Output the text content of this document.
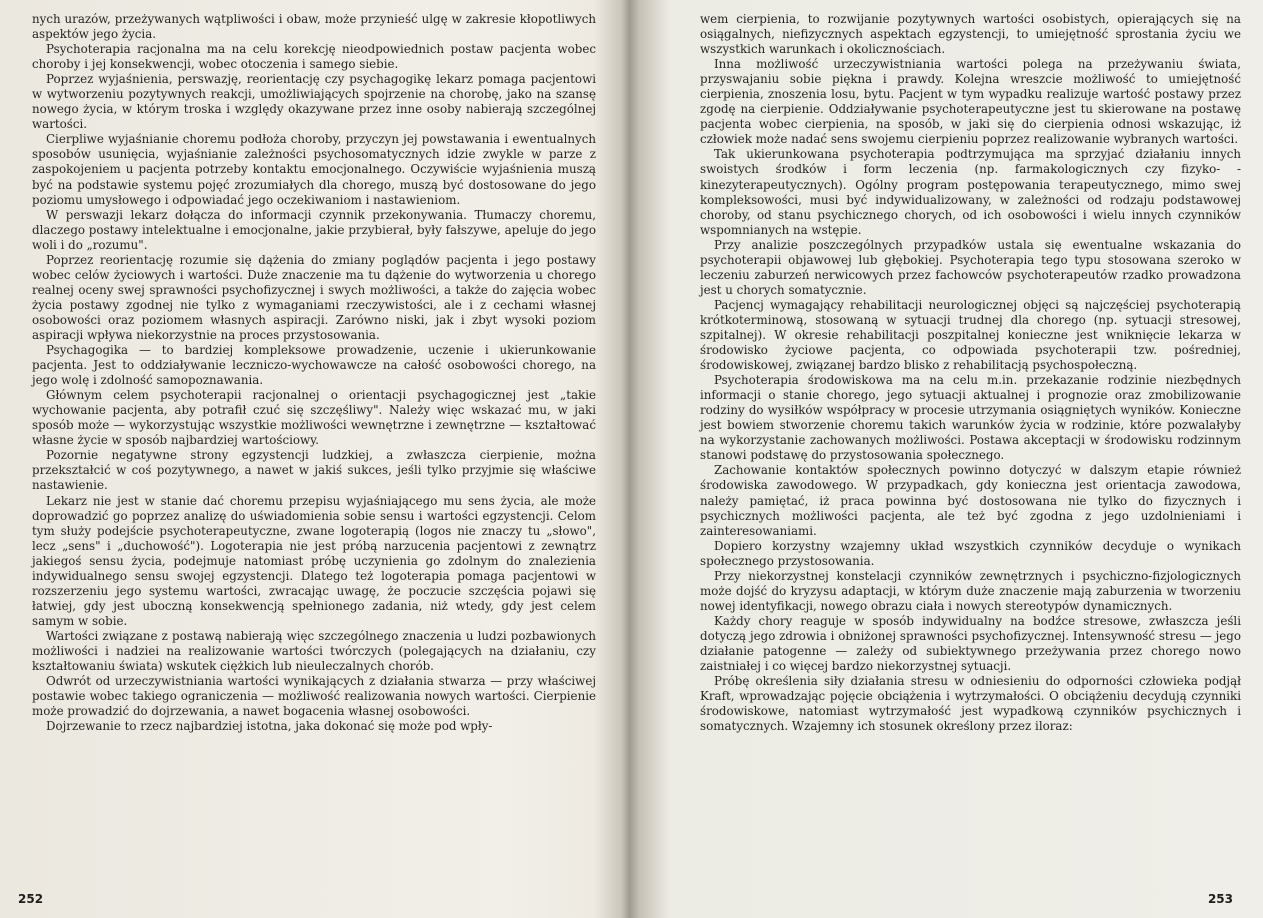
nych urazów, przeżywanych wątpliwości i obaw, może przynieść ulgę w zakresie kłopotliwych aspektów jego życia.

Psychoterapia racjonalna ma na celu korekcję nieodpowiednich postaw pacjenta wobec choroby i jej konsekwencji, wobec otoczenia i samego siebie.

Poprzez wyjaśnienia, perswazję, reorientację czy psychagogikę lekarz pomaga pacjentowi w wytworzeniu pozytywnych reakcji, umożliwiających spojrzenie na chorobę, jako na szansę nowego życia, w którym troska i względy okazywane przez inne osoby nabierają szczególnej wartości.

Cierpliwe wyjaśnianie choremu podłoża choroby, przyczyn jej powstawania i ewentualnych sposobów usunięcia, wyjaśnianie zależności psychosomatycznych idzie zwykle w parze z zaspokojeniem u pacjenta potrzeby kontaktu emocjonalnego. Oczywiście wyjaśnienia muszą być na podstawie systemu pojęć zrozumiałych dla chorego, muszą być dostosowane do jego poziomu umysłowego i odpowiadać jego oczekiwaniom i nastawieniom.

W perswazji lekarz dołącza do informacji czynnik przekonywania. Tłumaczy choremu, dlaczego postawy intelektualne i emocjonalne, jakie przybierał, były fałszywe, apeluje do jego woli i do „rozumu".

Poprzez reorientację rozumie się dążenia do zmiany poglądów pacjenta i jego postawy wobec celów życiowych i wartości. Duże znaczenie ma tu dążenie do wytworzenia u chorego realnej oceny swej sprawności psychofizycznej i swych możliwości, a także do zajęcia wobec życia postawy zgodnej nie tylko z wymaganiami rzeczywistości, ale i z cechami własnej osobowości oraz poziomem własnych aspiracji. Zarówno niski, jak i zbyt wysoki poziom aspiracji wpływa niekorzystnie na proces przystosowania.

Psychagogika — to bardziej kompleksowe prowadzenie, uczenie i ukierunkowanie pacjenta. Jest to oddziaływanie leczniczo-wychowawcze na całość osobowości chorego, na jego wolę i zdolność samopoznawania.

Głównym celem psychoterapii racjonalnej o orientacji psychagogicznej jest „takie wychowanie pacjenta, aby potrafił czuć się szczęśliwy". Należy więc wskazać mu, w jaki sposób może — wykorzystując wszystkie możliwości wewnętrzne i zewnętrzne — kształtować własne życie w sposób najbardziej wartościowy.

Pozornie negatywne strony egzystencji ludzkiej, a zwłaszcza cierpienie, można przekształcić w coś pozytywnego, a nawet w jakiś sukces, jeśli tylko przyjmie się właściwe nastawienie.

Lekarz nie jest w stanie dać choremu przepisu wyjaśniającego mu sens życia, ale może doprowadzić go poprzez analizę do uświadomienia sobie sensu i wartości egzystencji. Celom tym służy podejście psychoterapeutyczne, zwane logoterapią (logos nie znaczy tu „słowo", lecz „sens" i „duchowość"). Logoterapia nie jest próbą narzucenia pacjentowi z zewnątrz jakiegoś sensu życia, podejmuje natomiast próbę uczynienia go zdolnym do znalezienia indywidualnego sensu swojej egzystencji. Dlatego też logoterapia pomaga pacjentowi w rozszerzeniu jego systemu wartości, zwracając uwagę, że poczucie szczęścia pojawi się łatwiej, gdy jest uboczną konsekwencją spełnionego zadania, niż wtedy, gdy jest celem samym w sobie.

Wartości związane z postawą nabierają więc szczególnego znaczenia u ludzi pozbawionych możliwości i nadziei na realizowanie wartości twórczych (polegających na działaniu, czy kształtowaniu świata) wskutek ciężkich lub nieuleczalnych chorób.

Odwrót od urzeczywistniania wartości wynikających z działania stwarza — przy właściwej postawie wobec takiego ograniczenia — możliwość realizowania nowych wartości. Cierpienie może prowadzić do dojrzewania, a nawet bogacenia własnej osobowości.

Dojrzewanie to rzecz najbardziej istotna, jaka dokonać się może pod wpły-

252

wem cierpienia, to rozwijanie pozytywnych wartości osobistych, opierających się na osiągalnych, niefizycznych aspektach egzystencji, to umiejętność sprostania życiu we wszystkich warunkach i okolicznościach.

Inna możliwość urzeczywistniania wartości polega na przeżywaniu świata, przyswajaniu sobie piękna i prawdy. Kolejna wreszcie możliwość to umiejętność cierpienia, znoszenia losu, bytu. Pacjent w tym wypadku realizuje wartość postawy przez zgodę na cierpienie. Oddziaływanie psychoterapeutyczne jest tu skierowane na postawę pacjenta wobec cierpienia, na sposób, w jaki się do cierpienia odnosi wskazując, iż człowiek może nadać sens swojemu cierpieniu poprzez realizowanie wybranych wartości.

Tak ukierunkowana psychoterapia podtrzymująca ma sprzyjać działaniu innych swoistych środków i form leczenia (np. farmakologicznych czy fizyko- -kinezyterapeutycznych). Ogólny program postępowania terapeutycznego, mimo swej kompleksowości, musi być indywidualizowany, w zależności od rodzaju podstawowej choroby, od stanu psychicznego chorych, od ich osobowości i wielu innych czynników wspomnianych na wstępie.

Przy analizie poszczególnych przypadków ustala się ewentualne wskazania do psychoterapii objawowej lub głębokiej. Psychoterapia tego typu stosowana szeroko w leczeniu zaburzeń nerwicowych przez fachowców psychoterapeutów rzadko prowadzona jest u chorych somatycznie.

Pacjencj wymagający rehabilitacji neurologicznej objęci są najczęściej psychoterapią krótkoterminową, stosowaną w sytuacji trudnej dla chorego (np. sytuacji stresowej, szpitalnej). W okresie rehabilitacji poszpitalnej konieczne jest wniknięcie lekarza w środowisko życiowe pacjenta, co odpowiada psychoterapii tzw. pośredniej, środowiskowej, związanej bardzo blisko z rehabilitacją psychospołeczną.

Psychoterapia środowiskowa ma na celu m.in. przekazanie rodzinie niezbędnych informacji o stanie chorego, jego sytuacji aktualnej i prognozie oraz zmobilizowanie rodziny do wysiłków współpracy w procesie utrzymania osiągniętych wyników. Konieczne jest bowiem stworzenie choremu takich warunków życia w rodzinie, które pozwalałyby na wykorzystanie zachowanych możliwości. Postawa akceptacji w środowisku rodzinnym stanowi podstawę do przystosowania społecznego.

Zachowanie kontaktów społecznych powinno dotyczyć w dalszym etapie również środowiska zawodowego. W przypadkach, gdy konieczna jest orientacja zawodowa, należy pamiętać, iż praca powinna być dostosowana nie tylko do fizycznych i psychicznych możliwości pacjenta, ale też być zgodna z jego uzdolnieniami i zainteresowaniami.

Dopiero korzystny wzajemny układ wszystkich czynników decyduje o wynikach społecznego przystosowania.

Przy niekorzystnej konstelacji czynników zewnętrznych i psychiczno-fizjologicznych może dojść do kryzysu adaptacji, w którym duże znaczenie mają zaburzenia w tworzeniu nowej identyfikacji, nowego obrazu ciała i nowych stereotypów dynamicznych.

Każdy chory reaguje w sposób indywidualny na bodźce stresowe, zwłaszcza jeśli dotyczą jego zdrowia i obniżonej sprawności psychofizycznej. Intensywność stresu — jego działanie patogenne — zależy od subiektywnego przeżywania przez chorego nowo zaistniałej i co więcej bardzo niekorzystnej sytuacji.

Próbę określenia siły działania stresu w odniesieniu do odporności człowieka podjął Kraft, wprowadzając pojęcie obciążenia i wytrzymałości. O obciążeniu decydują czynniki środowiskowe, natomiast wytrzymałość jest wypadkową czynników psychicznych i somatycznych. Wzajemny ich stosunek określony przez iloraz:

253
